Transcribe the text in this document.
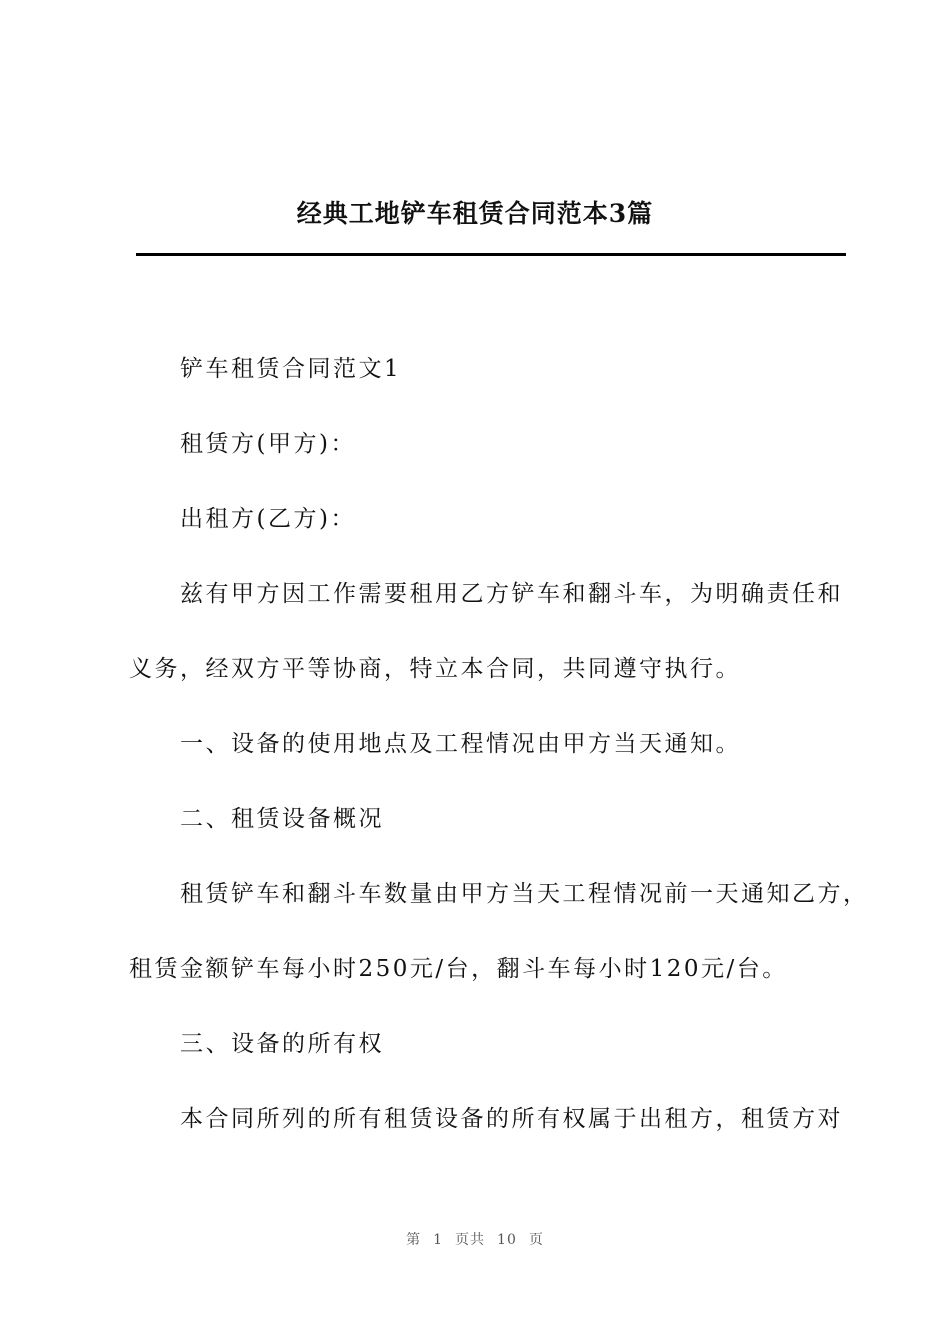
经典工地铲车租赁合同范本3篇
铲车租赁合同范文1
租赁方(甲方)：
出租方(乙方)：
兹有甲方因工作需要租用乙方铲车和翻斗车，为明确责任和
义务，经双方平等协商，特立本合同，共同遵守执行。
一、设备的使用地点及工程情况由甲方当天通知。
二、租赁设备概况
租赁铲车和翻斗车数量由甲方当天工程情况前一天通知乙方，
租赁金额铲车每小时250元/台，翻斗车每小时120元/台。
三、设备的所有权
本合同所列的所有租赁设备的所有权属于出租方，租赁方对
第 1 页共 10 页
